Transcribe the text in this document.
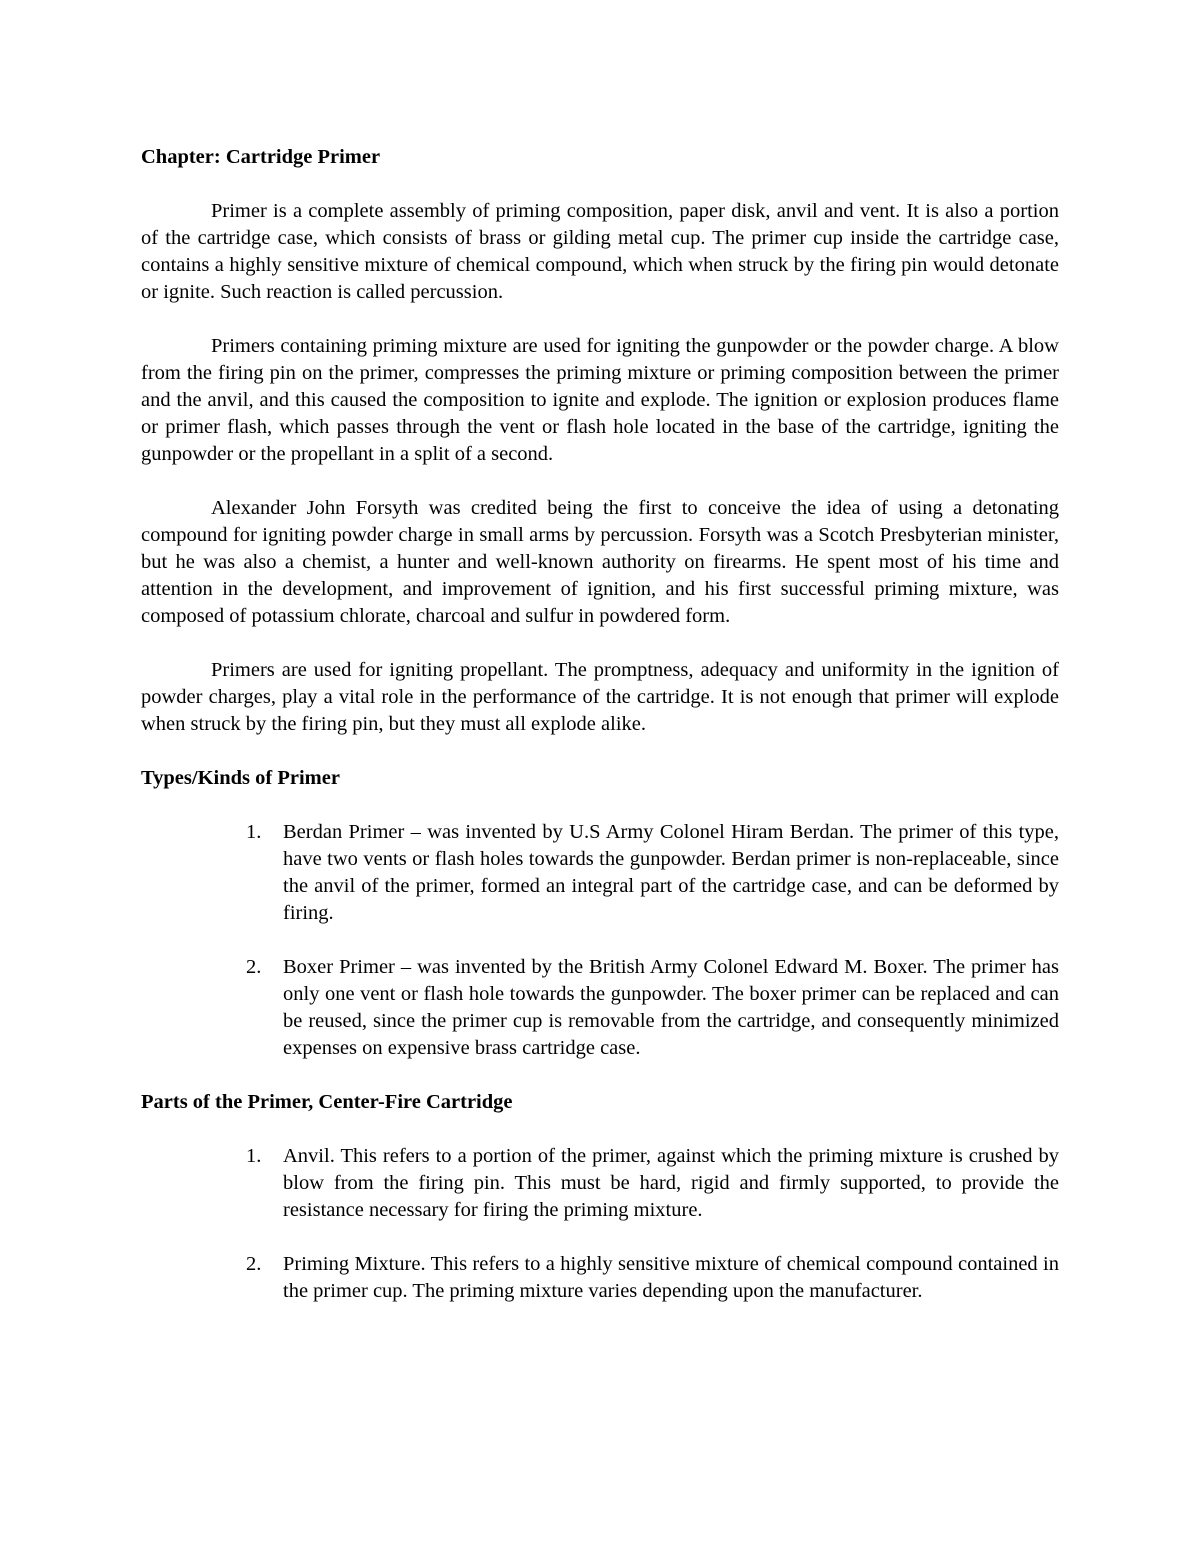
Chapter: Cartridge Primer

Primer is a complete assembly of priming composition, paper disk, anvil and vent. It is also a portion of the cartridge case, which consists of brass or gilding metal cup. The primer cup inside the cartridge case, contains a highly sensitive mixture of chemical compound, which when struck by the firing pin would detonate or ignite. Such reaction is called percussion.

Primers containing priming mixture are used for igniting the gunpowder or the powder charge. A blow from the firing pin on the primer, compresses the priming mixture or priming composition between the primer and the anvil, and this caused the composition to ignite and explode. The ignition or explosion produces flame or primer flash, which passes through the vent or flash hole located in the base of the cartridge, igniting the gunpowder or the propellant in a split of a second.

Alexander John Forsyth was credited being the first to conceive the idea of using a detonating compound for igniting powder charge in small arms by percussion. Forsyth was a Scotch Presbyterian minister, but he was also a chemist, a hunter and well-known authority on firearms. He spent most of his time and attention in the development, and improvement of ignition, and his first successful priming mixture, was composed of potassium chlorate, charcoal and sulfur in powdered form.

Primers are used for igniting propellant. The promptness, adequacy and uniformity in the ignition of powder charges, play a vital role in the performance of the cartridge. It is not enough that primer will explode when struck by the firing pin, but they must all explode alike.

Types/Kinds of Primer

1. Berdan Primer – was invented by U.S Army Colonel Hiram Berdan. The primer of this type, have two vents or flash holes towards the gunpowder. Berdan primer is non-replaceable, since the anvil of the primer, formed an integral part of the cartridge case, and can be deformed by firing.
2. Boxer Primer – was invented by the British Army Colonel Edward M. Boxer. The primer has only one vent or flash hole towards the gunpowder. The boxer primer can be replaced and can be reused, since the primer cup is removable from the cartridge, and consequently minimized expenses on expensive brass cartridge case.

Parts of the Primer, Center-Fire Cartridge

1. Anvil. This refers to a portion of the primer, against which the priming mixture is crushed by blow from the firing pin. This must be hard, rigid and firmly supported, to provide the resistance necessary for firing the priming mixture.
2. Priming Mixture. This refers to a highly sensitive mixture of chemical compound contained in the primer cup. The priming mixture varies depending upon the manufacturer.
